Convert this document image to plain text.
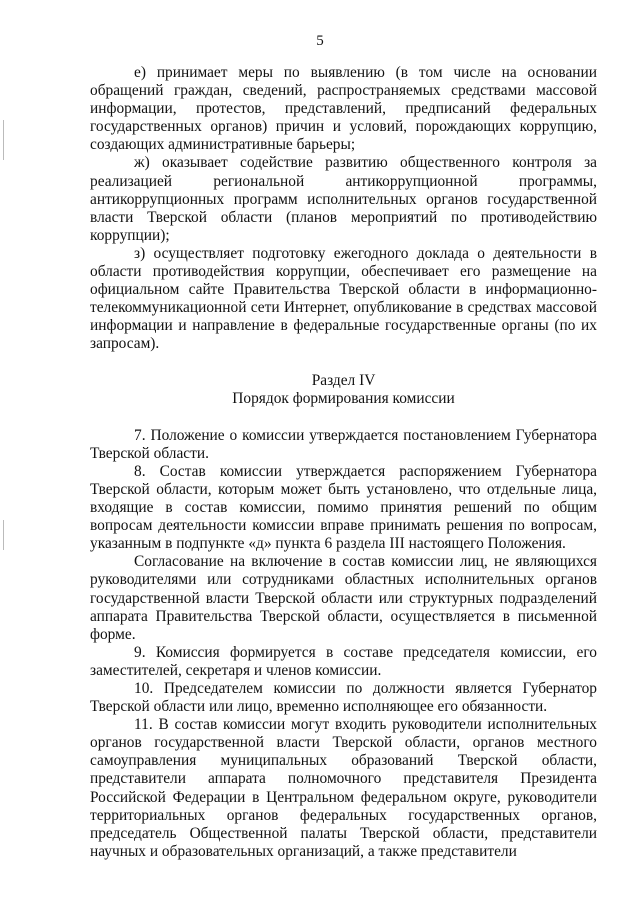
5

е) принимает меры по выявлению (в том числе на основании обращений граждан, сведений, распространяемых средствами массовой информации, протестов, представлений, предписаний федеральных государственных органов) причин и условий, порождающих коррупцию, создающих административные барьеры;

ж) оказывает содействие развитию общественного контроля за реализацией региональной антикоррупционной программы, антикоррупционных программ исполнительных органов государственной власти Тверской области (планов мероприятий по противодействию коррупции);

з) осуществляет подготовку ежегодного доклада о деятельности в области противодействия коррупции, обеспечивает его размещение на официальном сайте Правительства Тверской области в информационно-телекоммуникационной сети Интернет, опубликование в средствах массовой информации и направление в федеральные государственные органы (по их запросам).

Раздел IV

Порядок формирования комиссии

7. Положение о комиссии утверждается постановлением Губернатора Тверской области.

8. Состав комиссии утверждается распоряжением Губернатора Тверской области, которым может быть установлено, что отдельные лица, входящие в состав комиссии, помимо принятия решений по общим вопросам деятельности комиссии вправе принимать решения по вопросам, указанным в подпункте «д» пункта 6 раздела III настоящего Положения.

Согласование на включение в состав комиссии лиц, не являющихся руководителями или сотрудниками областных исполнительных органов государственной власти Тверской области или структурных подразделений аппарата Правительства Тверской области, осуществляется в письменной форме.

9. Комиссия формируется в составе председателя комиссии, его заместителей, секретаря и членов комиссии.

10. Председателем комиссии по должности является Губернатор Тверской области или лицо, временно исполняющее его обязанности.

11. В состав комиссии могут входить руководители исполнительных органов государственной власти Тверской области, органов местного самоуправления муниципальных образований Тверской области, представители аппарата полномочного представителя Президента Российской Федерации в Центральном федеральном округе, руководители территориальных органов федеральных государственных органов, председатель Общественной палаты Тверской области, представители научных и образовательных организаций, а также представители
